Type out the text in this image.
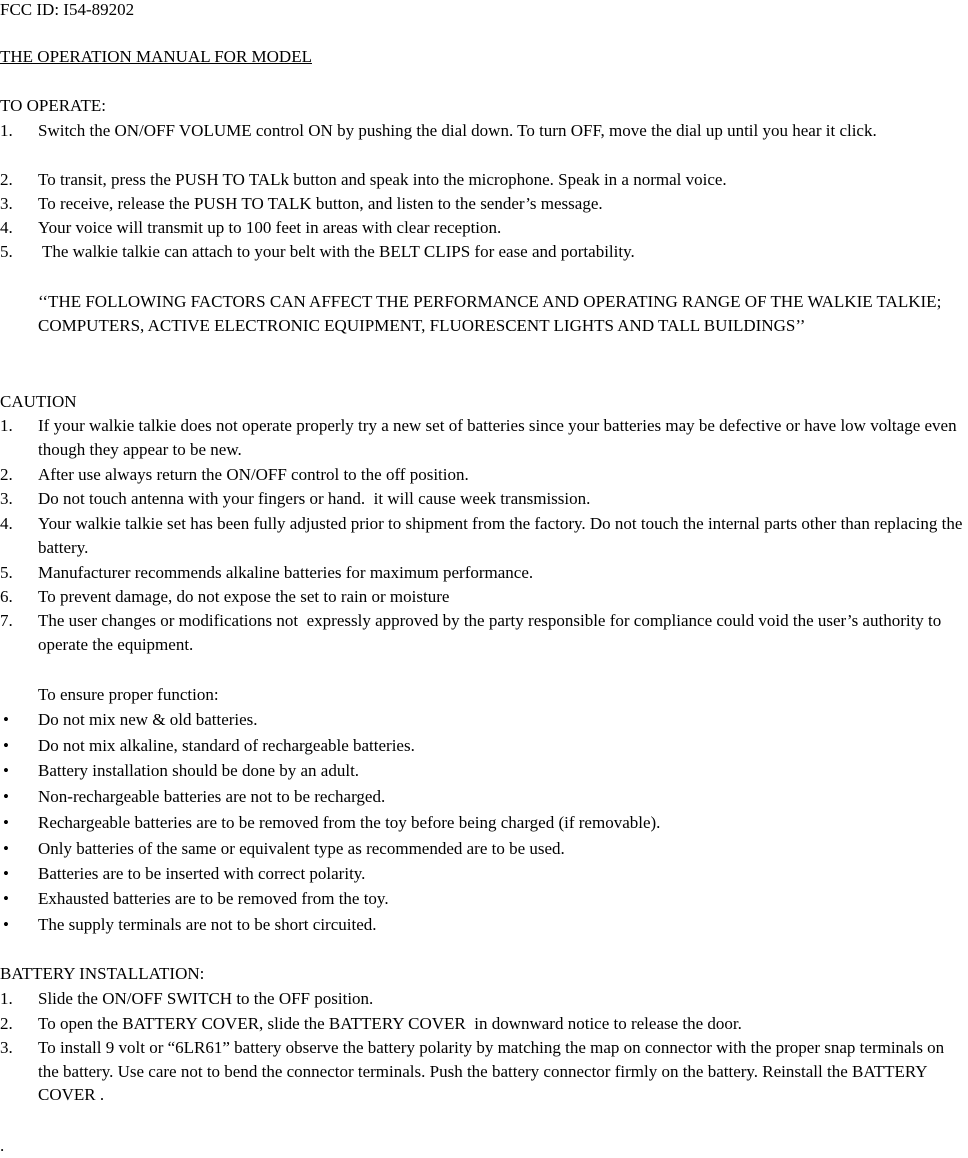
FCC ID: I54-89202
THE OPERATION MANUAL FOR MODEL
TO OPERATE:
1. Switch the ON/OFF VOLUME control ON by pushing the dial down. To turn OFF, move the dial up until you hear it click.
2. To transit, press the PUSH TO TALk button and speak into the microphone. Speak in a normal voice.
3. To receive, release the PUSH TO TALK button, and listen to the sender’s message.
4. Your voice will transmit up to 100 feet in areas with clear reception.
5. The walkie talkie can attach to your belt with the BELT CLIPS for ease and portability.
‘‘THE FOLLOWING FACTORS CAN AFFECT THE PERFORMANCE AND OPERATING RANGE OF THE WALKIE TALKIE; COMPUTERS, ACTIVE ELECTRONIC EQUIPMENT, FLUORESCENT LIGHTS AND TALL BUILDINGS’’
CAUTION
1. If your walkie talkie does not operate properly try a new set of batteries since your batteries may be defective or have low voltage even though they appear to be new.
2. After use always return the ON/OFF control to the off position.
3. Do not touch antenna with your fingers or hand.  it will cause week transmission.
4. Your walkie talkie set has been fully adjusted prior to shipment from the factory. Do not touch the internal parts other than replacing the battery.
5. Manufacturer recommends alkaline batteries for maximum performance.
6. To prevent damage, do not expose the set to rain or moisture
7. The user changes or modifications not  expressly approved by the party responsible for compliance could void the user’s authority to operate the equipment.
To ensure proper function:
• Do not mix new & old batteries.
• Do not mix alkaline, standard of rechargeable batteries.
• Battery installation should be done by an adult.
• Non-rechargeable batteries are not to be recharged.
• Rechargeable batteries are to be removed from the toy before being charged (if removable).
• Only batteries of the same or equivalent type as recommended are to be used.
• Batteries are to be inserted with correct polarity.
• Exhausted batteries are to be removed from the toy.
• The supply terminals are not to be short circuited.
BATTERY INSTALLATION:
1. Slide the ON/OFF SWITCH to the OFF position.
2. To open the BATTERY COVER, slide the BATTERY COVER  in downward notice to release the door.
3. To install 9 volt or “6LR61” battery observe the battery polarity by matching the map on connector with the proper snap terminals on the battery. Use care not to bend the connector terminals. Push the battery connector firmly on the battery. Reinstall the BATTERY COVER .
.
